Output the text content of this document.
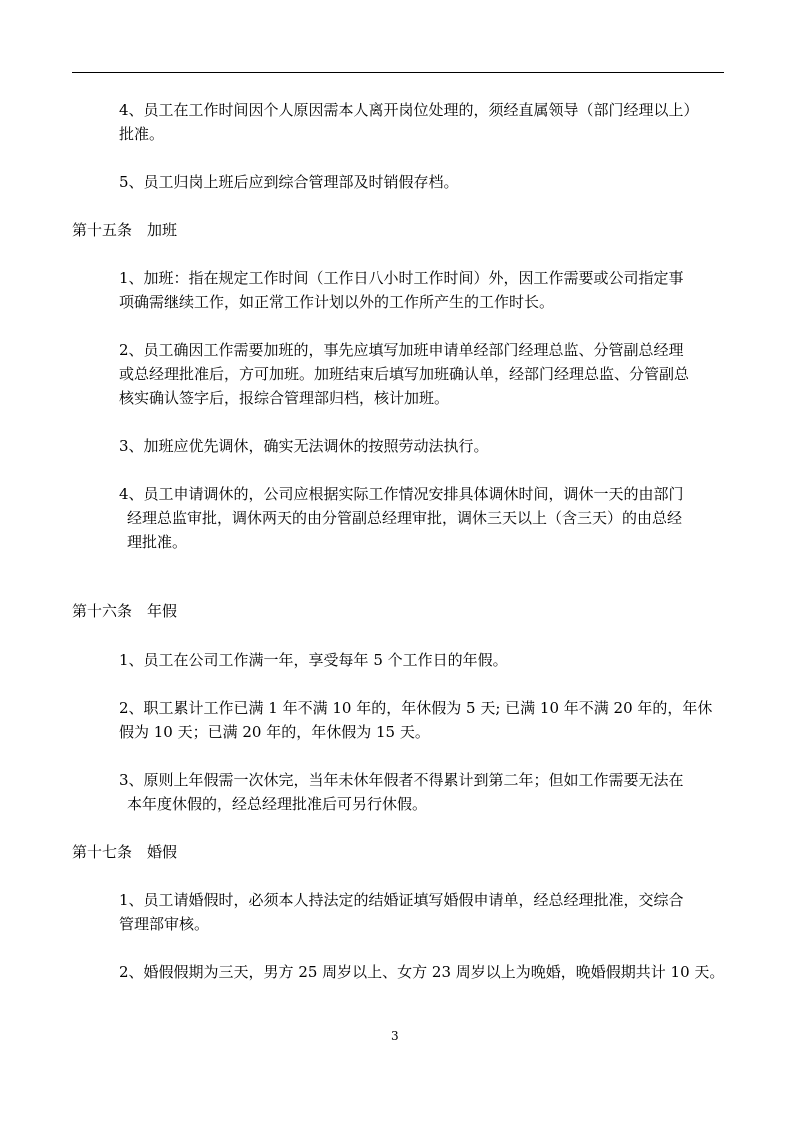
4、员工在工作时间因个人原因需本人离开岗位处理的，须经直属领导（部门经理以上）
批准。
5、员工归岗上班后应到综合管理部及时销假存档。
第十五条　加班
1、加班：指在规定工作时间（工作日八小时工作时间）外，因工作需要或公司指定事
项确需继续工作，如正常工作计划以外的工作所产生的工作时长。
2、员工确因工作需要加班的，事先应填写加班申请单经部门经理总监、分管副总经理
或总经理批准后，方可加班。加班结束后填写加班确认单，经部门经理总监、分管副总
核实确认签字后，报综合管理部归档，核计加班。
3、加班应优先调休，确实无法调休的按照劳动法执行。
4、员工申请调休的，公司应根据实际工作情况安排具体调休时间，调休一天的由部门
经理总监审批，调休两天的由分管副总经理审批，调休三天以上（含三天）的由总经
理批准。
第十六条　年假
1、员工在公司工作满一年，享受每年 5 个工作日的年假。
2、职工累计工作已满 1 年不满 10 年的，年休假为 5 天; 已满 10 年不满 20 年的，年休
假为 10 天；已满 20 年的，年休假为 15 天。
3、原则上年假需一次休完，当年未休年假者不得累计到第二年；但如工作需要无法在
本年度休假的，经总经理批准后可另行休假。
第十七条　婚假
1、员工请婚假时，必须本人持法定的结婚证填写婚假申请单，经总经理批准，交综合
管理部审核。
2、婚假假期为三天，男方 25 周岁以上、女方 23 周岁以上为晚婚，晚婚假期共计 10 天。
3
